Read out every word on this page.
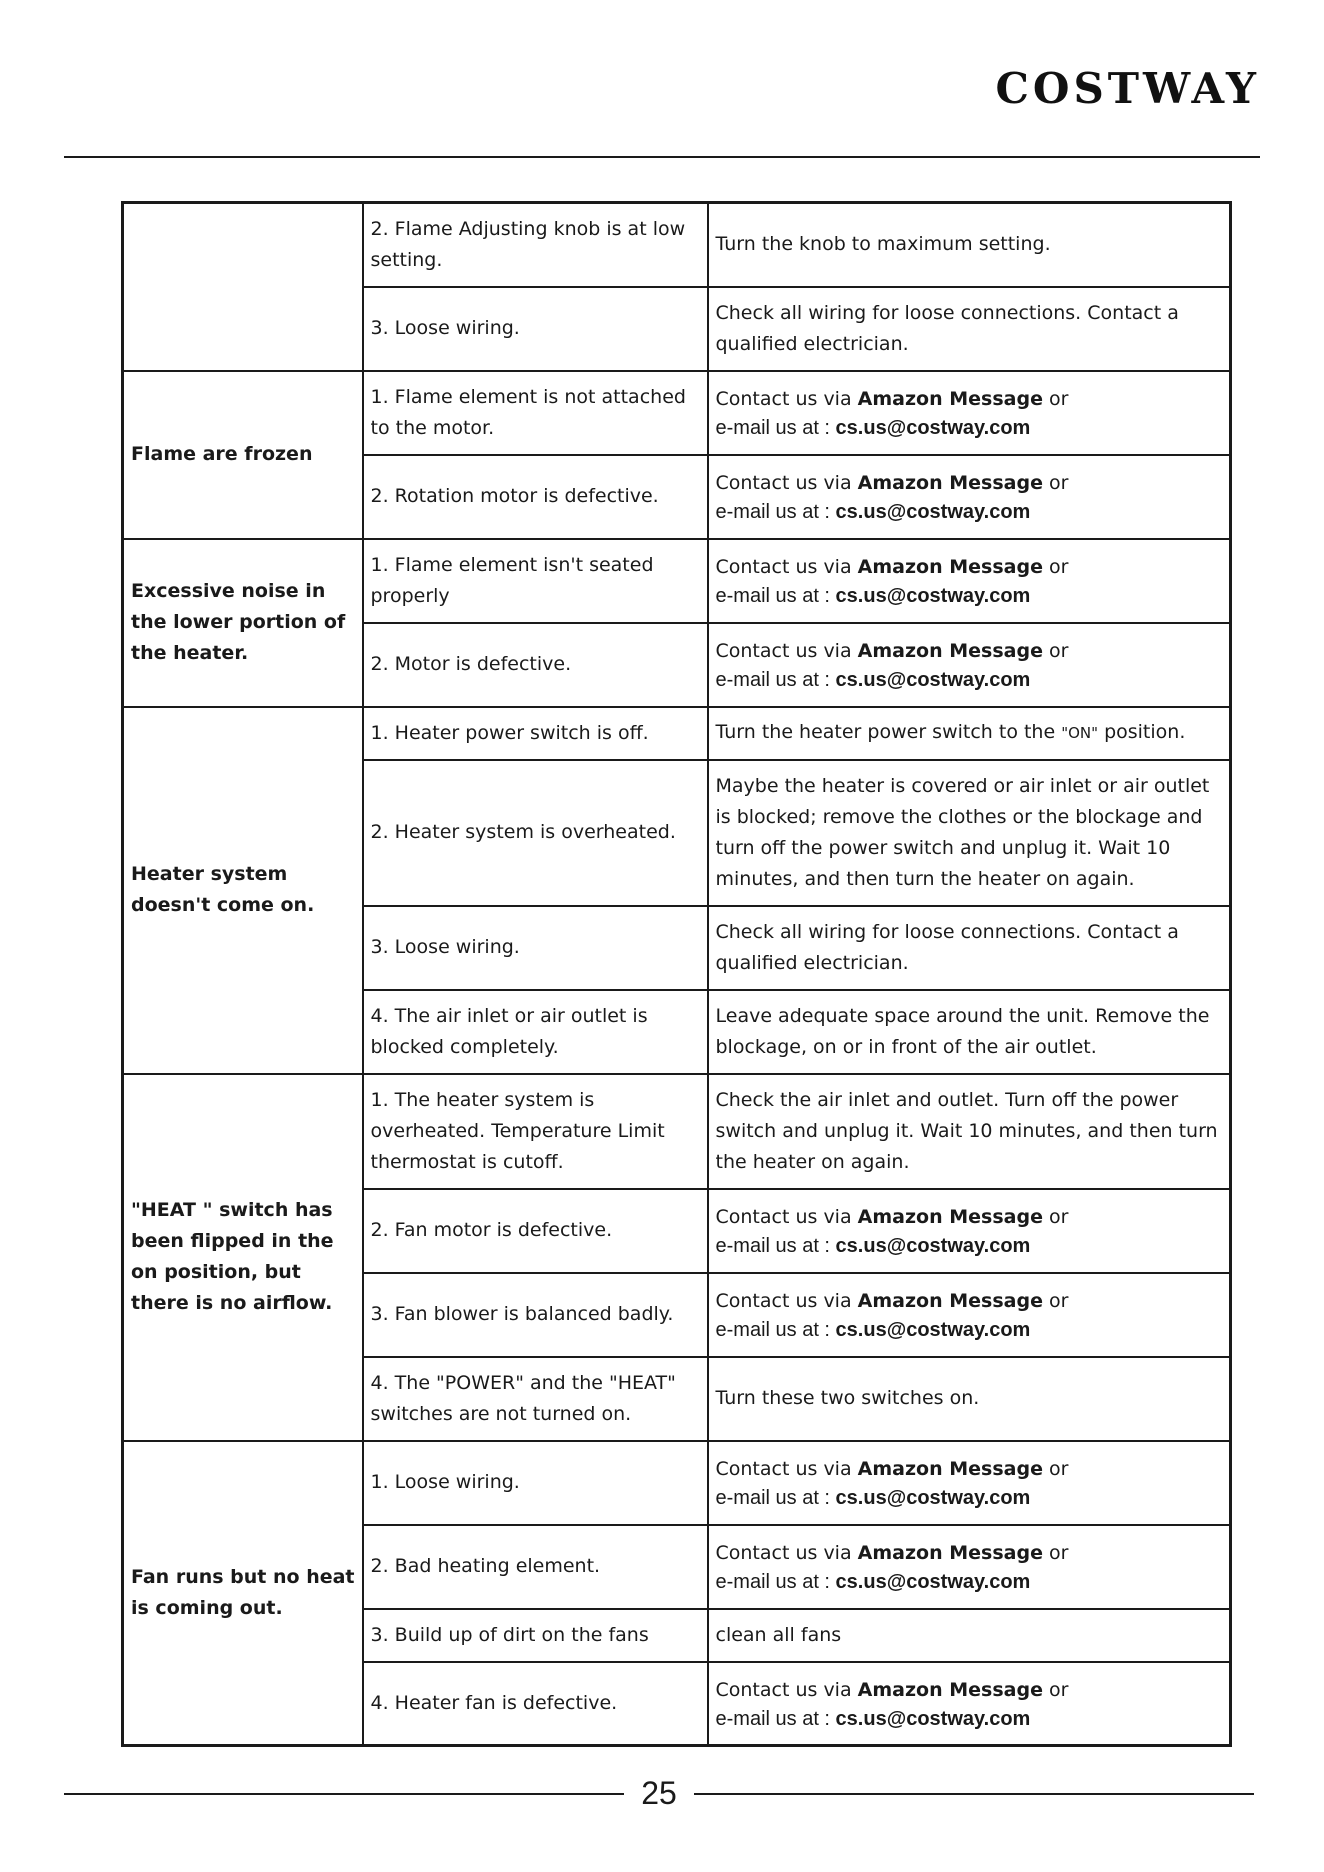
COSTWAY
	2. Flame Adjusting knob is at low setting.	Turn the knob to maximum setting.
	3. Loose wiring.	Check all wiring for loose connections. Contact a qualified electrician.
Flame are frozen	1. Flame element is not attached to the motor.	Contact us via Amazon Message or
e-mail us at : cs.us@costway.com

	2. Rotation motor is defective.	Contact us via Amazon Message or
e-mail us at : cs.us@costway.com

Excessive noise in the lower portion of the heater.	1. Flame element isn't seated properly	Contact us via Amazon Message or
e-mail us at : cs.us@costway.com

	2. Motor is defective.	Contact us via Amazon Message or
e-mail us at : cs.us@costway.com

Heater system doesn't come on.	1. Heater power switch is off.	Turn the heater power switch to the "ON" position.
	2. Heater system is overheated.	Maybe the heater is covered or air inlet or air outlet is blocked; remove the clothes or the blockage and turn off the power switch and unplug it. Wait 10 minutes, and then turn the heater on again.
	3. Loose wiring.	Check all wiring for loose connections. Contact a qualified electrician.
	4. The air inlet or air outlet is blocked completely.	Leave adequate space around the unit. Remove the blockage, on or in front of the air outlet.
"HEAT " switch has been flipped in the on position, but there is no airflow.	1. The heater system is overheated. Temperature Limit thermostat is cutoff.	Check the air inlet and outlet. Turn off the power switch and unplug it. Wait 10 minutes, and then turn the heater on again.
	2. Fan motor is defective.	Contact us via Amazon Message or
e-mail us at : cs.us@costway.com

	3. Fan blower is balanced badly.	Contact us via Amazon Message or
e-mail us at : cs.us@costway.com

	4. The "POWER" and the "HEAT" switches are not turned on.	Turn these two switches on.
Fan runs but no heat is coming out.	1. Loose wiring.	Contact us via Amazon Message or
e-mail us at : cs.us@costway.com

	2. Bad heating element.	Contact us via Amazon Message or
e-mail us at : cs.us@costway.com

	3. Build up of dirt on the fans	clean all fans
	4. Heater fan is defective.	Contact us via Amazon Message or
e-mail us at : cs.us@costway.com
25
